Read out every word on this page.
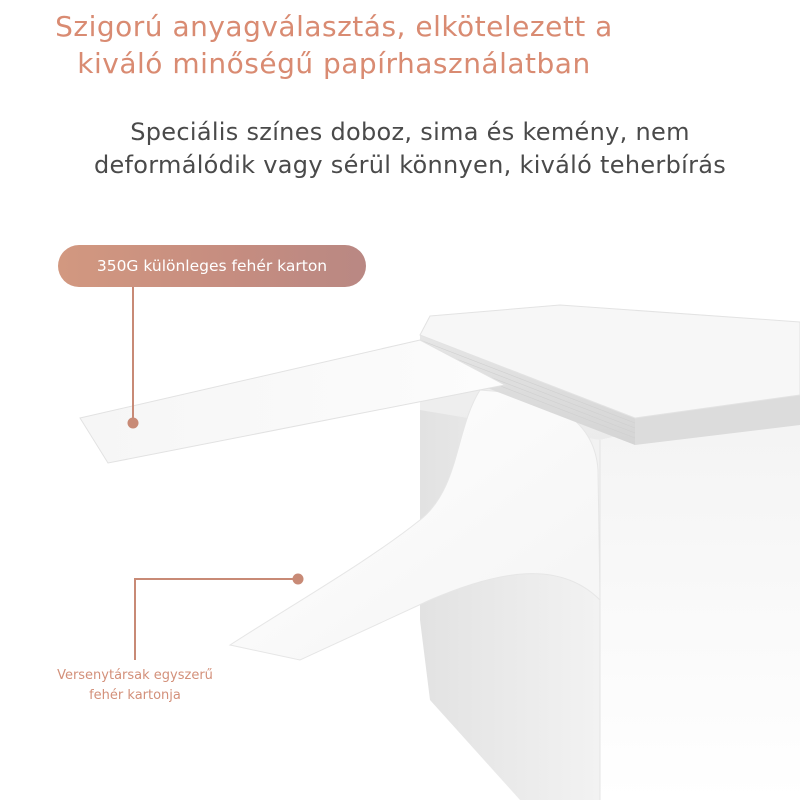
Szigorú anyagválasztás, elkötelezett a
kiváló minőségű papírhasználatban
Speciális színes doboz, sima és kemény, nem
deformálódik vagy sérül könnyen, kiváló teherbírás
350G különleges fehér karton
Versenytársak egyszerű
fehér kartonja
